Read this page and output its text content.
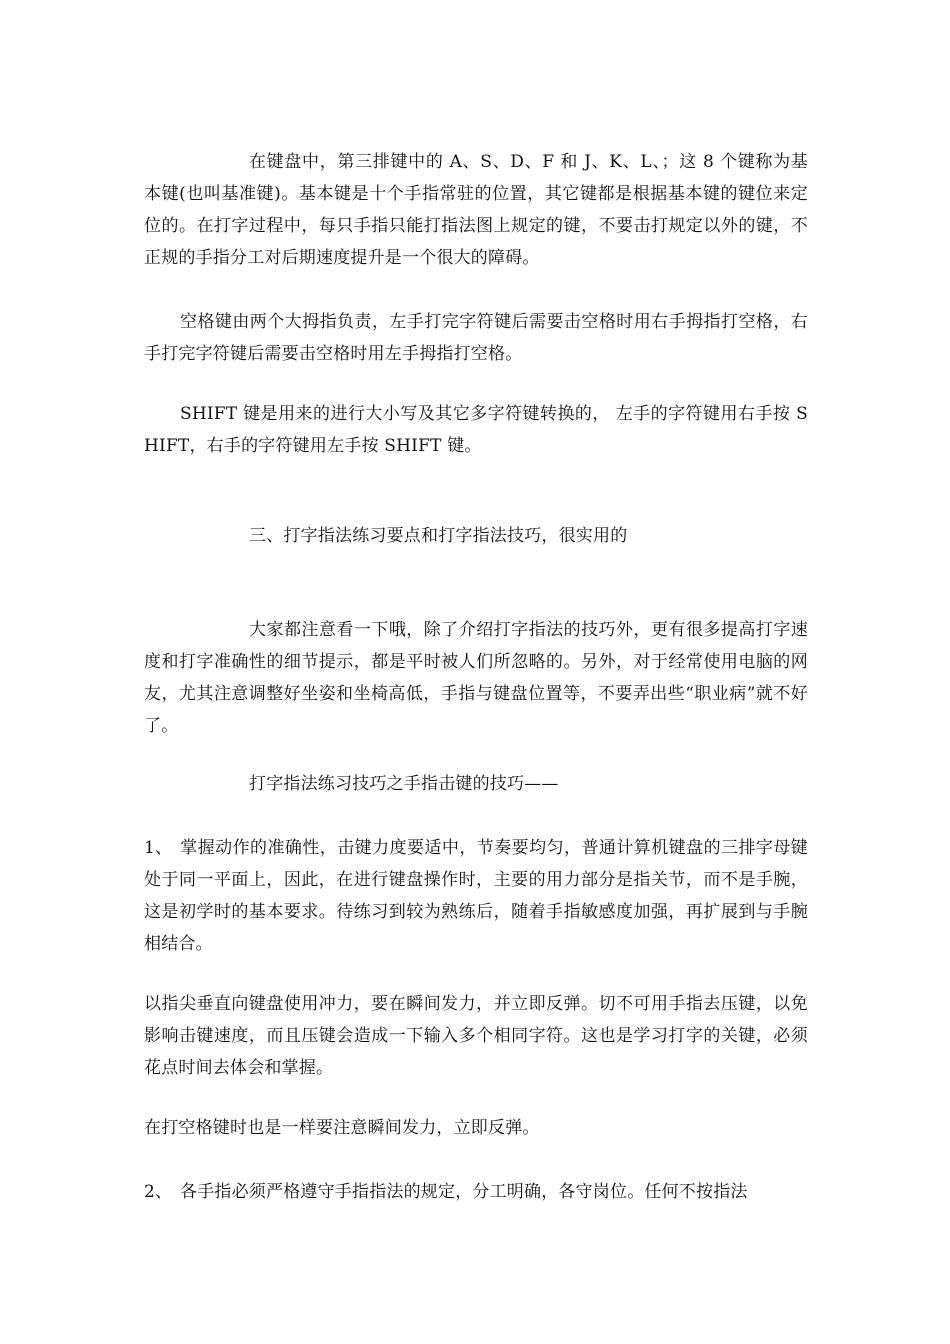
在键盘中，第三排键中的 A、S、D、F 和 J、K、L、；这 8 个键称为基本键(也叫基准键)。基本键是十个手指常驻的位置，其它键都是根据基本键的键位来定位的。在打字过程中，每只手指只能打指法图上规定的键，不要击打规定以外的键，不正规的手指分工对后期速度提升是一个很大的障碍。

空格键由两个大拇指负责，左手打完字符键后需要击空格时用右手拇指打空格，右手打完字符键后需要击空格时用左手拇指打空格。

SHIFT 键是用来的进行大小写及其它多字符键转换的， 左手的字符键用右手按 SHIFT，右手的字符键用左手按 SHIFT 键。

三、打字指法练习要点和打字指法技巧，很实用的

大家都注意看一下哦，除了介绍打字指法的技巧外，更有很多提高打字速度和打字准确性的细节提示，都是平时被人们所忽略的。另外，对于经常使用电脑的网友，尤其注意调整好坐姿和坐椅高低，手指与键盘位置等，不要弄出些“职业病”就不好了。

打字指法练习技巧之手指击键的技巧——

1、 掌握动作的准确性，击键力度要适中，节奏要均匀，普通计算机键盘的三排字母键处于同一平面上，因此，在进行键盘操作时，主要的用力部分是指关节，而不是手腕，这是初学时的基本要求。待练习到较为熟练后，随着手指敏感度加强，再扩展到与手腕相结合。

以指尖垂直向键盘使用冲力，要在瞬间发力，并立即反弹。切不可用手指去压键，以免影响击键速度，而且压键会造成一下输入多个相同字符。这也是学习打字的关键，必须花点时间去体会和掌握。

在打空格键时也是一样要注意瞬间发力，立即反弹。

2、 各手指必须严格遵守手指指法的规定，分工明确，各守岗位。任何不按指法
